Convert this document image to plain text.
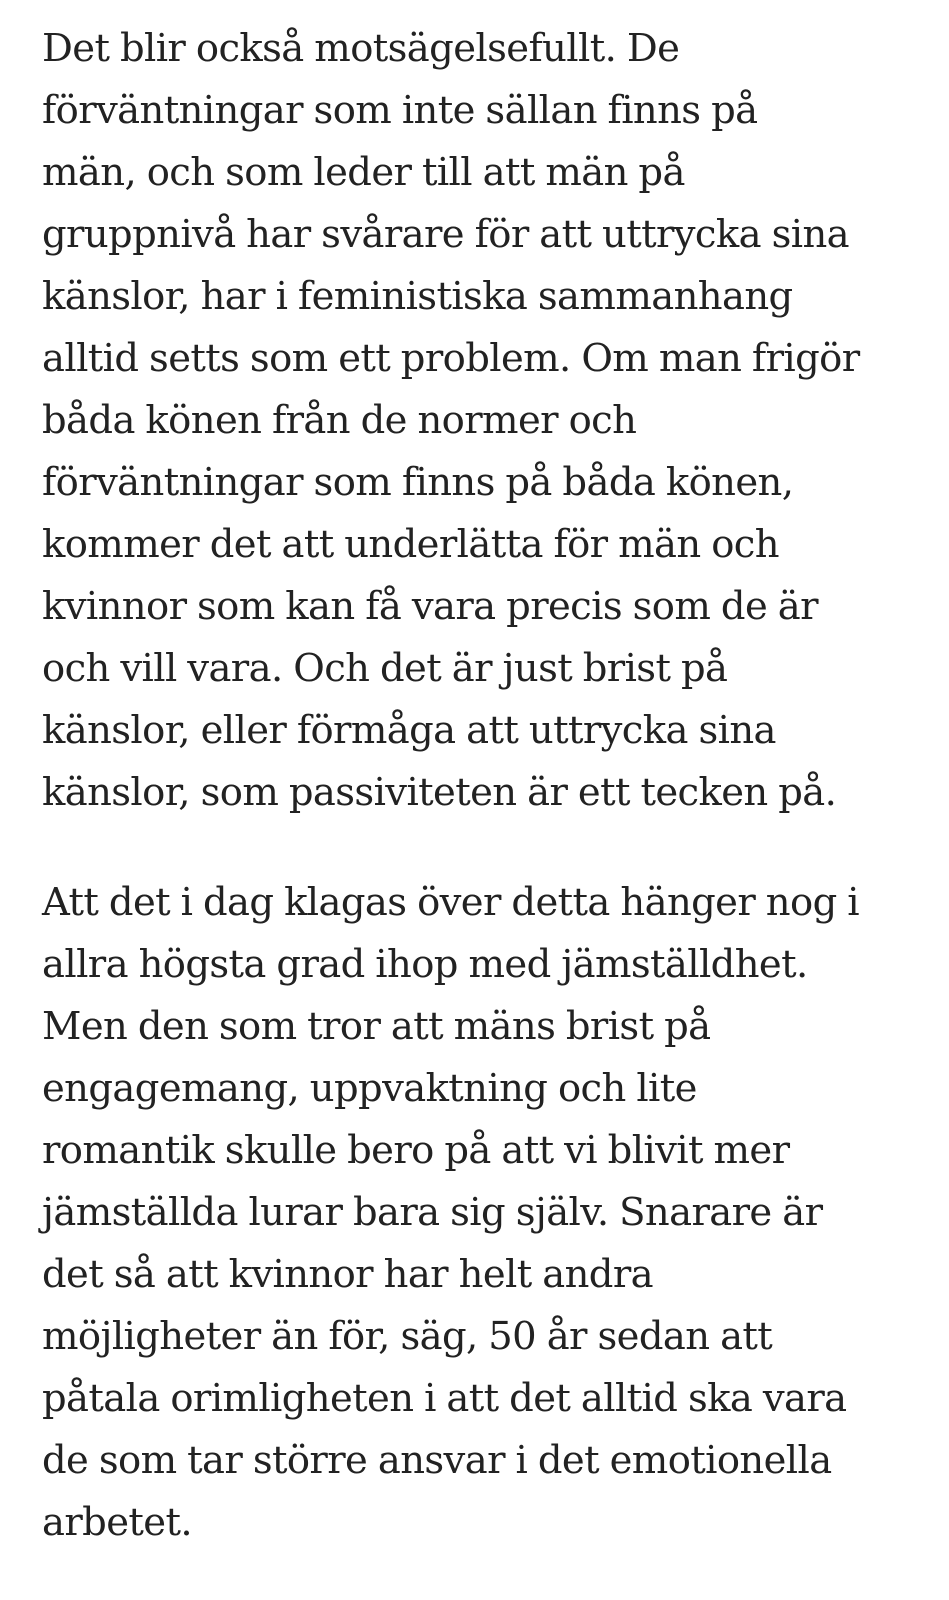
Det blir också motsägelsefullt. De
förväntningar som inte sällan finns på
män, och som leder till att män på
gruppnivå har svårare för att uttrycka sina
känslor, har i feministiska sammanhang
alltid setts som ett problem. Om man frigör
båda könen från de normer och
förväntningar som finns på båda könen,
kommer det att underlätta för män och
kvinnor som kan få vara precis som de är
och vill vara. Och det är just brist på
känslor, eller förmåga att uttrycka sina
känslor, som passiviteten är ett tecken på.

Att det i dag klagas över detta hänger nog i
allra högsta grad ihop med jämställdhet.
Men den som tror att mäns brist på
engagemang, uppvaktning och lite
romantik skulle bero på att vi blivit mer
jämställda lurar bara sig själv. Snarare är
det så att kvinnor har helt andra
möjligheter än för, säg, 50 år sedan att
påtala orimligheten i att det alltid ska vara
de som tar större ansvar i det emotionella
arbetet.
